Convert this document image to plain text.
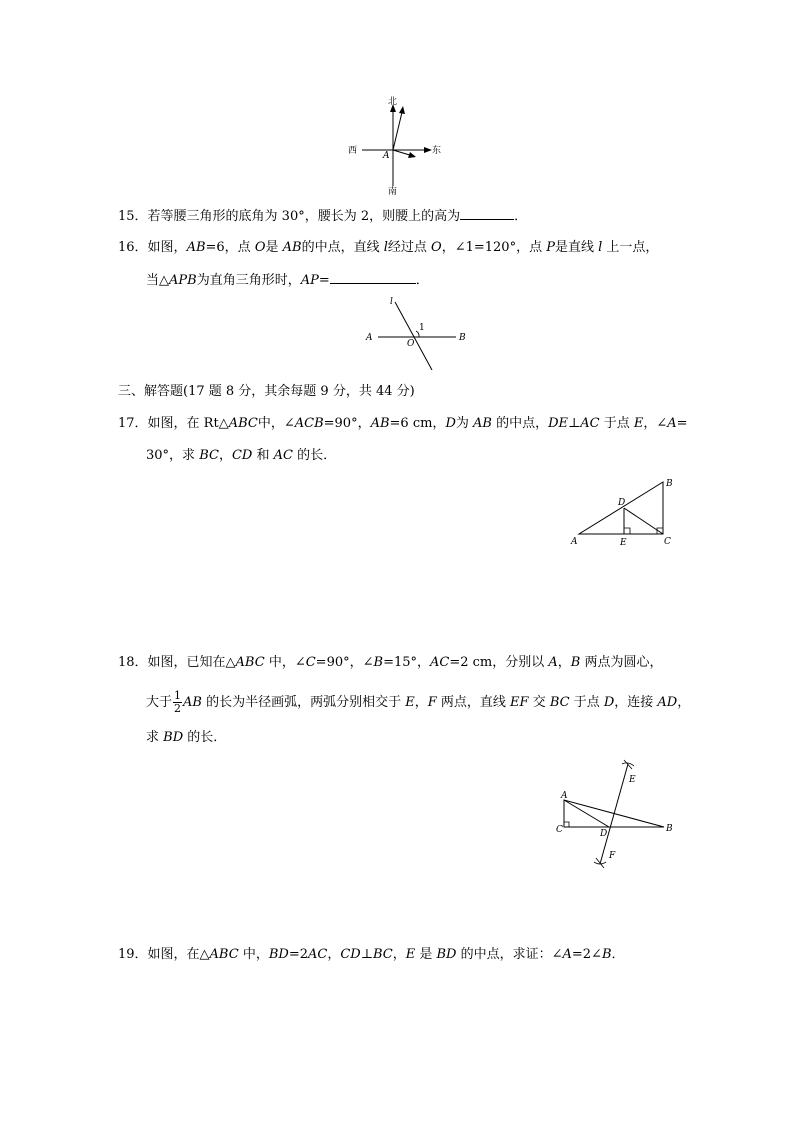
北
南
西	东
A
15．若等腰三角形的底角为 30°，腰长为 2，则腰上的高为	．
16．如图，AB=6，点 O是 AB的中点，直线 l经过点 O，∠1=120°，点 P是直线 l 上一点，
当△APB为直角三角形时，AP=	．
l
1
A
O
B
三、解答题(17 题 8 分，其余每题 9 分，共 44 分)
17．如图，在 Rt△ABC中，∠ACB=90°，AB=6 cm，D为 AB 的中点，DE⊥AC 于点 E，∠A=
30°，求 BC，CD 和 AC 的长．
A
B
C
D
E
18．如图，已知在△ABC 中，∠C=90°，∠B=15°，AC=2 cm，分别以 A，B 两点为圆心，
大于 $\frac{1}{2}$ AB 的长为半径画弧，两弧分别相交于 E，F 两点，直线 EF 交 BC 于点 D，连接 AD，
求 BD 的长．
A
B
C	D
E
F
19．如图，在△ABC 中，BD=2AC，CD⊥BC，E 是 BD 的中点，求证：∠A=2∠B．
